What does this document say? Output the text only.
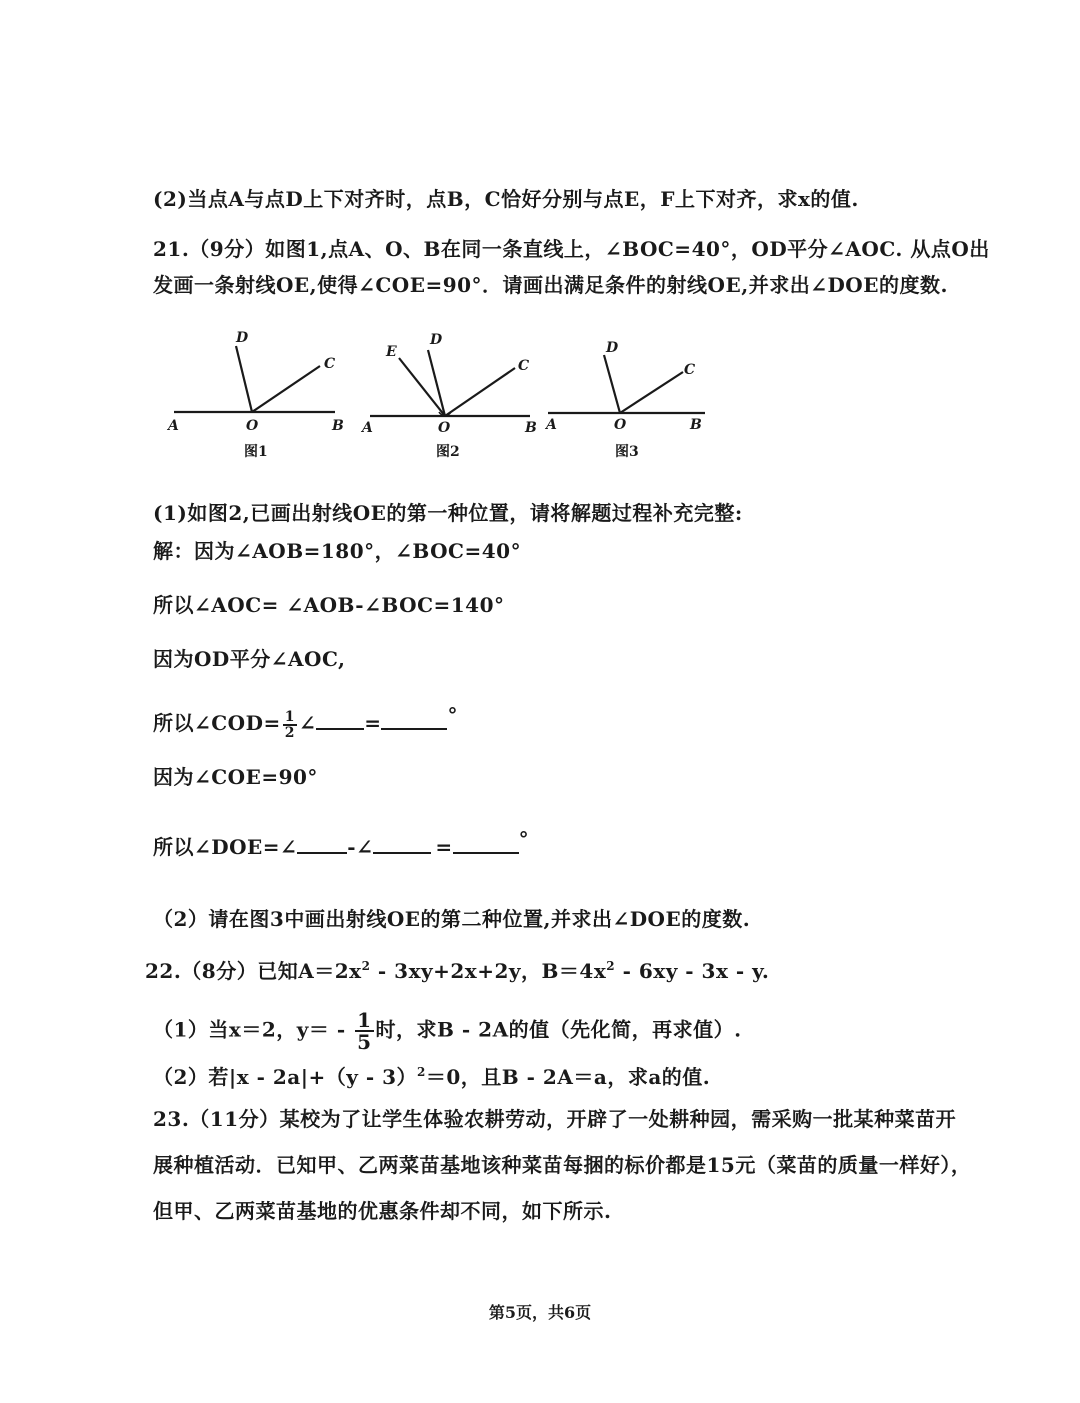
(2)当点A与点D上下对齐时，点B，C恰好分别与点E，F上下对齐，求x的值.
21.（9分）如图1,点A、O、B在同一条直线上，∠BOC=40°，OD平分∠AOC. 从点O出
发画一条射线OE,使得∠COE=90°．请画出满足条件的射线OE,并求出∠DOE的度数.
D
C
A	O	B
图1
E
D
C
A	O	B
图2
D
C
A	O	B
图3
(1)如图2,已画出射线OE的第一种位置，请将解题过程补充完整:
解：因为∠AOB=180°，∠BOC=40°
所以∠AOC= ∠AOB-∠BOC=140°
因为OD平分∠AOC,
所以∠COD= $\frac{1}{2}$ ∠ =	°
因为∠COE=90°
所以∠DOE=∠	-∠	=	°
（2）请在图3中画出射线OE的第二种位置,并求出∠DOE的度数.
22.（8分）已知$A=2x^2 - 3xy+2x+2y$，$B=4x^2 - 6xy - 3x - y$.
（1）当x＝2，$y= - \frac{1}{5}$ 时，求B - 2A的值（先化简，再求值）.
（2）若|x - 2a|+（y - 3）$^2$＝0，且B - 2A＝a，求a的值.
23.（11分）某校为了让学生体验农耕劳动，开辟了一处耕种园，需采购一批某种菜苗开
展种植活动．已知甲、乙两菜苗基地该种菜苗每捆的标价都是15元（菜苗的质量一样好），
但甲、乙两菜苗基地的优惠条件却不同，如下所示.
第5页，共6页
